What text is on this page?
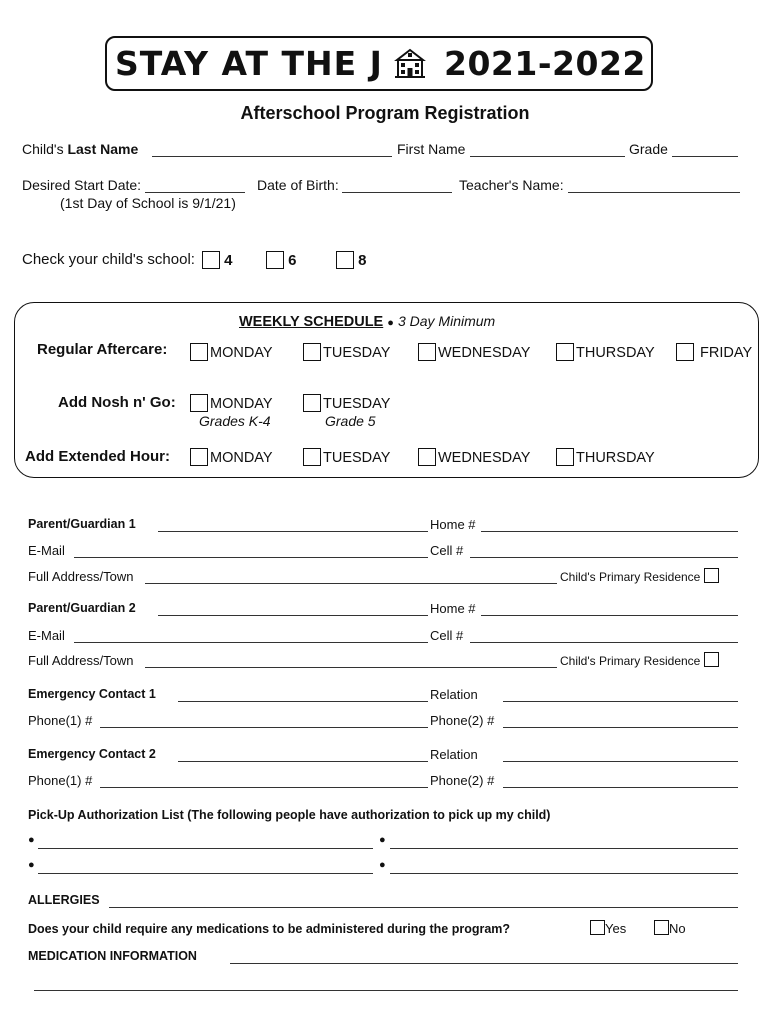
STAY AT THE J 2021-2022
Afterschool Program Registration
Child's Last Name	First Name	Grade
Desired Start Date:
(1st Day of School is 9/1/21)
Date of Birth:	Teacher's Name:
Check your child's school:	4	6	8
WEEKLY SCHEDULE ● 3 Day Minimum
Regular Aftercare:	MONDAY	TUESDAY	WEDNESDAY	THURSDAY	FRIDAY
Add Nosh n' Go:	MONDAY	TUESDAY
Grades K-4	Grade 5
Add Extended Hour:	MONDAY	TUESDAY	WEDNESDAY	THURSDAY
Parent/Guardian 1	Home #
E-Mail	Cell #
Full Address/Town	Child's Primary Residence
Parent/Guardian 2	Home #
E-Mail	Cell #
Full Address/Town	Child's Primary Residence
Emergency Contact 1	Relation
Phone(1) #	Phone(2) #
Emergency Contact 2	Relation
Phone(1) #	Phone(2) #
Pick-Up Authorization List (The following people have authorization to pick up my child)
●	●
●	●
ALLERGIES
Does your child require any medications to be administered during the program?	Yes	No
MEDICATION INFORMATION
